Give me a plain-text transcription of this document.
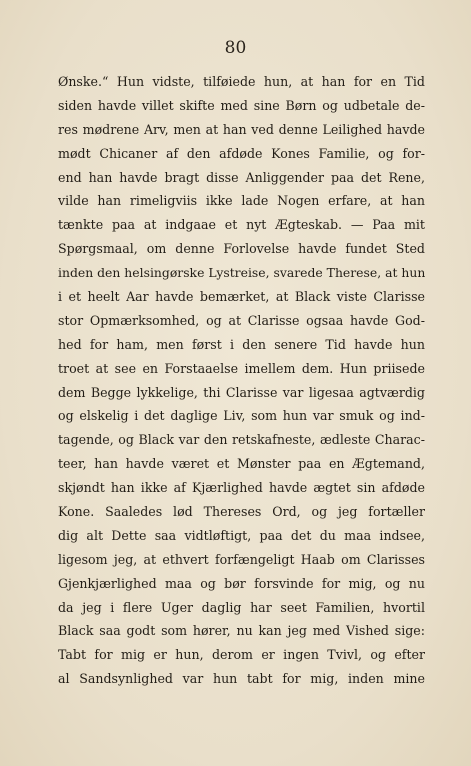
80
Ønske.“ Hun vidste, tilføiede hun, at han for en Tid
siden havde villet skifte med sine Børn og udbetale de-
res mødrene Arv, men at han ved denne Leilighed havde
mødt Chicaner af den afdøde Kones Familie, og for-
end han havde bragt disse Anliggender paa det Rene,
vilde han rimeligviis ikke lade Nogen erfare, at han
tænkte paa at indgaae et nyt Ægteskab. — Paa mit
Spørgsmaal, om denne Forlovelse havde fundet Sted
inden den helsingørske Lystreise, svarede Therese, at hun
i et heelt Aar havde bemærket, at Black viste Clarisse
stor Opmærksomhed, og at Clarisse ogsaa havde God-
hed for ham, men først i den senere Tid havde hun
troet at see en Forstaaelse imellem dem. Hun priisede
dem Begge lykkelige, thi Clarisse var ligesaa agtværdig
og elskelig i det daglige Liv, som hun var smuk og ind-
tagende, og Black var den retskafneste, ædleste Charac-
teer, han havde været et Mønster paa en Ægtemand,
skjøndt han ikke af Kjærlighed havde ægtet sin afdøde
Kone. Saaledes lød Thereses Ord, og jeg fortæller
dig alt Dette saa vidtløftigt, paa det du maa indsee,
ligesom jeg, at ethvert forfængeligt Haab om Clarisses
Gjenkjærlighed maa og bør forsvinde for mig, og nu
da jeg i flere Uger daglig har seet Familien, hvortil
Black saa godt som hører, nu kan jeg med Vished sige:
Tabt for mig er hun, derom er ingen Tvivl, og efter
al Sandsynlighed var hun tabt for mig, inden mine
